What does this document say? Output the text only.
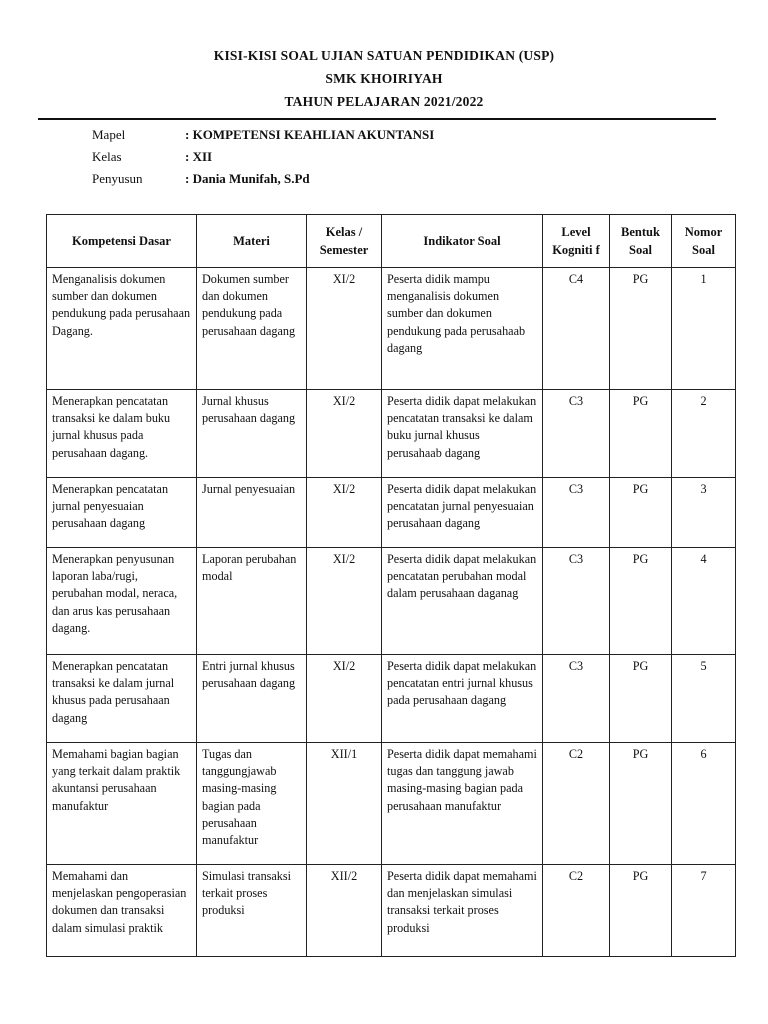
KISI-KISI SOAL UJIAN SATUAN PENDIDIKAN (USP)
SMK KHOIRIYAH
TAHUN PELAJARAN 2021/2022
Mapel	: KOMPETENSI KEAHLIAN AKUNTANSI
Kelas	: XII
Penyusun	: Dania Munifah, S.Pd
Kompetensi Dasar	Materi	Kelas / Semester	Indikator Soal	Level Kogniti f	Bentuk Soal	Nomor Soal
Menganalisis dokumen sumber dan dokumen pendukung pada perusahaan Dagang.	Dokumen sumber dan dokumen pendukung pada perusahaan dagang	XI/2	Peserta didik mampu menganalisis dokumen sumber dan dokumen pendukung pada perusahaab dagang	C4	PG	1
Menerapkan pencatatan transaksi ke dalam buku jurnal khusus pada perusahaan dagang.	Jurnal khusus perusahaan dagang	XI/2	Peserta didik dapat melakukan pencatatan transaksi ke dalam buku jurnal khusus perusahaab dagang	C3	PG	2
Menerapkan pencatatan jurnal penyesuaian perusahaan dagang	Jurnal penyesuaian	XI/2	Peserta didik dapat melakukan pencatatan jurnal penyesuaian perusahaan dagang	C3	PG	3
Menerapkan penyusunan laporan laba/rugi, perubahan modal, neraca, dan arus kas perusahaan dagang.	Laporan perubahan modal	XI/2	Peserta didik dapat melakukan pencatatan perubahan modal dalam perusahaan daganag	C3	PG	4
Menerapkan pencatatan transaksi ke dalam jurnal khusus pada perusahaan dagang	Entri jurnal khusus perusahaan dagang	XI/2	Peserta didik dapat melakukan pencatatan entri jurnal khusus pada perusahaan dagang	C3	PG	5
Memahami bagian bagian yang terkait dalam praktik akuntansi perusahaan manufaktur	Tugas dan tanggungjawab masing-masing bagian pada perusahaan manufaktur	XII/1	Peserta didik dapat memahami tugas dan tanggung jawab masing-masing bagian pada perusahaan manufaktur	C2	PG	6
Memahami dan menjelaskan pengoperasian dokumen dan transaksi dalam simulasi praktik	Simulasi transaksi terkait proses produksi	XII/2	Peserta didik dapat memahami dan menjelaskan simulasi transaksi terkait proses produksi	C2	PG	7
